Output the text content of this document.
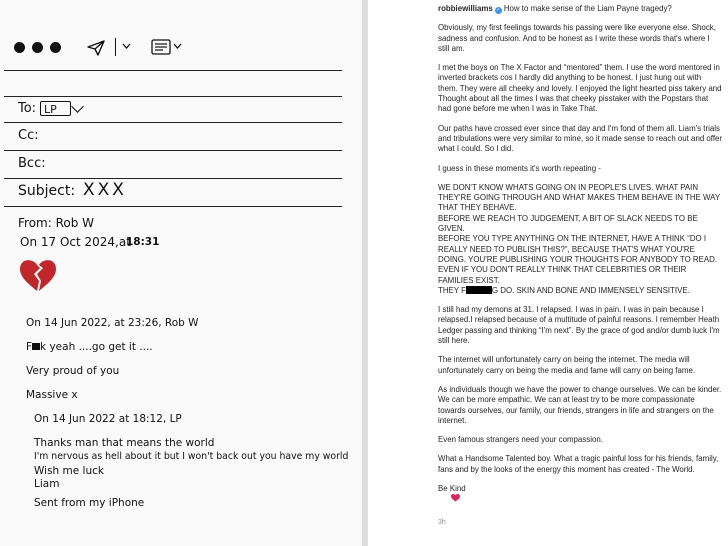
To: LP
Cc:
Bcc:
Subject: XXX
From: Rob W
On 17 Oct 2024,at
18:31
On 14 Jun 2022, at 23:26, Rob W
F k yeah ....go get it ....
Very proud of you
Massive x
On 14 Jun 2022 at 18:12, LP
Thanks man that means the world
I'm nervous as hell about it but I won't back out you have my world
Wish me luck
Liam
Sent from my iPhone

robbiewilliams ✓ How to make sense of the Liam Payne tragedy?

Obviously, my first feelings towards his passing were like everyone else. Shock, sadness and confusion. And to be honest as I write these words that's where I still am.

I met the boys on The X Factor and “mentored” them. I use the word mentored in inverted brackets cos I hardly did anything to be honest. I just hung out with them. They were all cheeky and lovely. I enjoyed the light hearted piss takery and Thought about all the times I was that cheeky pisstaker with the Popstars that had gone before me when I was in Take That.

Our paths have crossed ever since that day and I'm fond of them all. Liam's trials and tribulations were very similar to mine, so it made sense to reach out and offer what I could. So I did.

I guess in these moments it's worth repeating -

WE DON'T KNOW WHATS GOING ON IN PEOPLE'S LIVES. WHAT PAIN THEY'RE GOING THROUGH AND WHAT MAKES THEM BEHAVE IN THE WAY THAT THEY BEHAVE.
BEFORE WE REACH TO JUDGEMENT, A BIT OF SLACK NEEDS TO BE GIVEN.
BEFORE YOU TYPE ANYTHING ON THE INTERNET, HAVE A THINK “DO I REALLY NEED TO PUBLISH THIS?”, BECAUSE THAT'S WHAT YOU'RE DOING. YOU'RE PUBLISHING YOUR THOUGHTS FOR ANYBODY TO READ. EVEN IF YOU DON'T REALLY THINK THAT CELEBRITIES OR THEIR FAMILIES EXIST.

THEY F	G DO. SKIN AND BONE AND IMMENSELY SENSITIVE.

I still had my demons at 31. I relapsed. I was in pain. I was in pain because I relapsed.I relapsed because of a multitude of painful reasons. I remember Heath Ledger passing and thinking “I'm next”. By the grace of god and/or dumb luck I'm still here.

The internet will unfortunately carry on being the internet. The media will unfortunately carry on being the media and fame will carry on being fame.

As individuals though we have the power to change ourselves. We can be kinder. We can be more empathic. We can at least try to be more compassionate towards ourselves, our family, our friends, strangers in life and strangers on the internet.

Even famous strangers need your compassion.

What a Handsome Talented boy. What a tragic painful loss for his friends, family, fans and by the looks of the energy this moment has created - The World.

Be Kind

3h
